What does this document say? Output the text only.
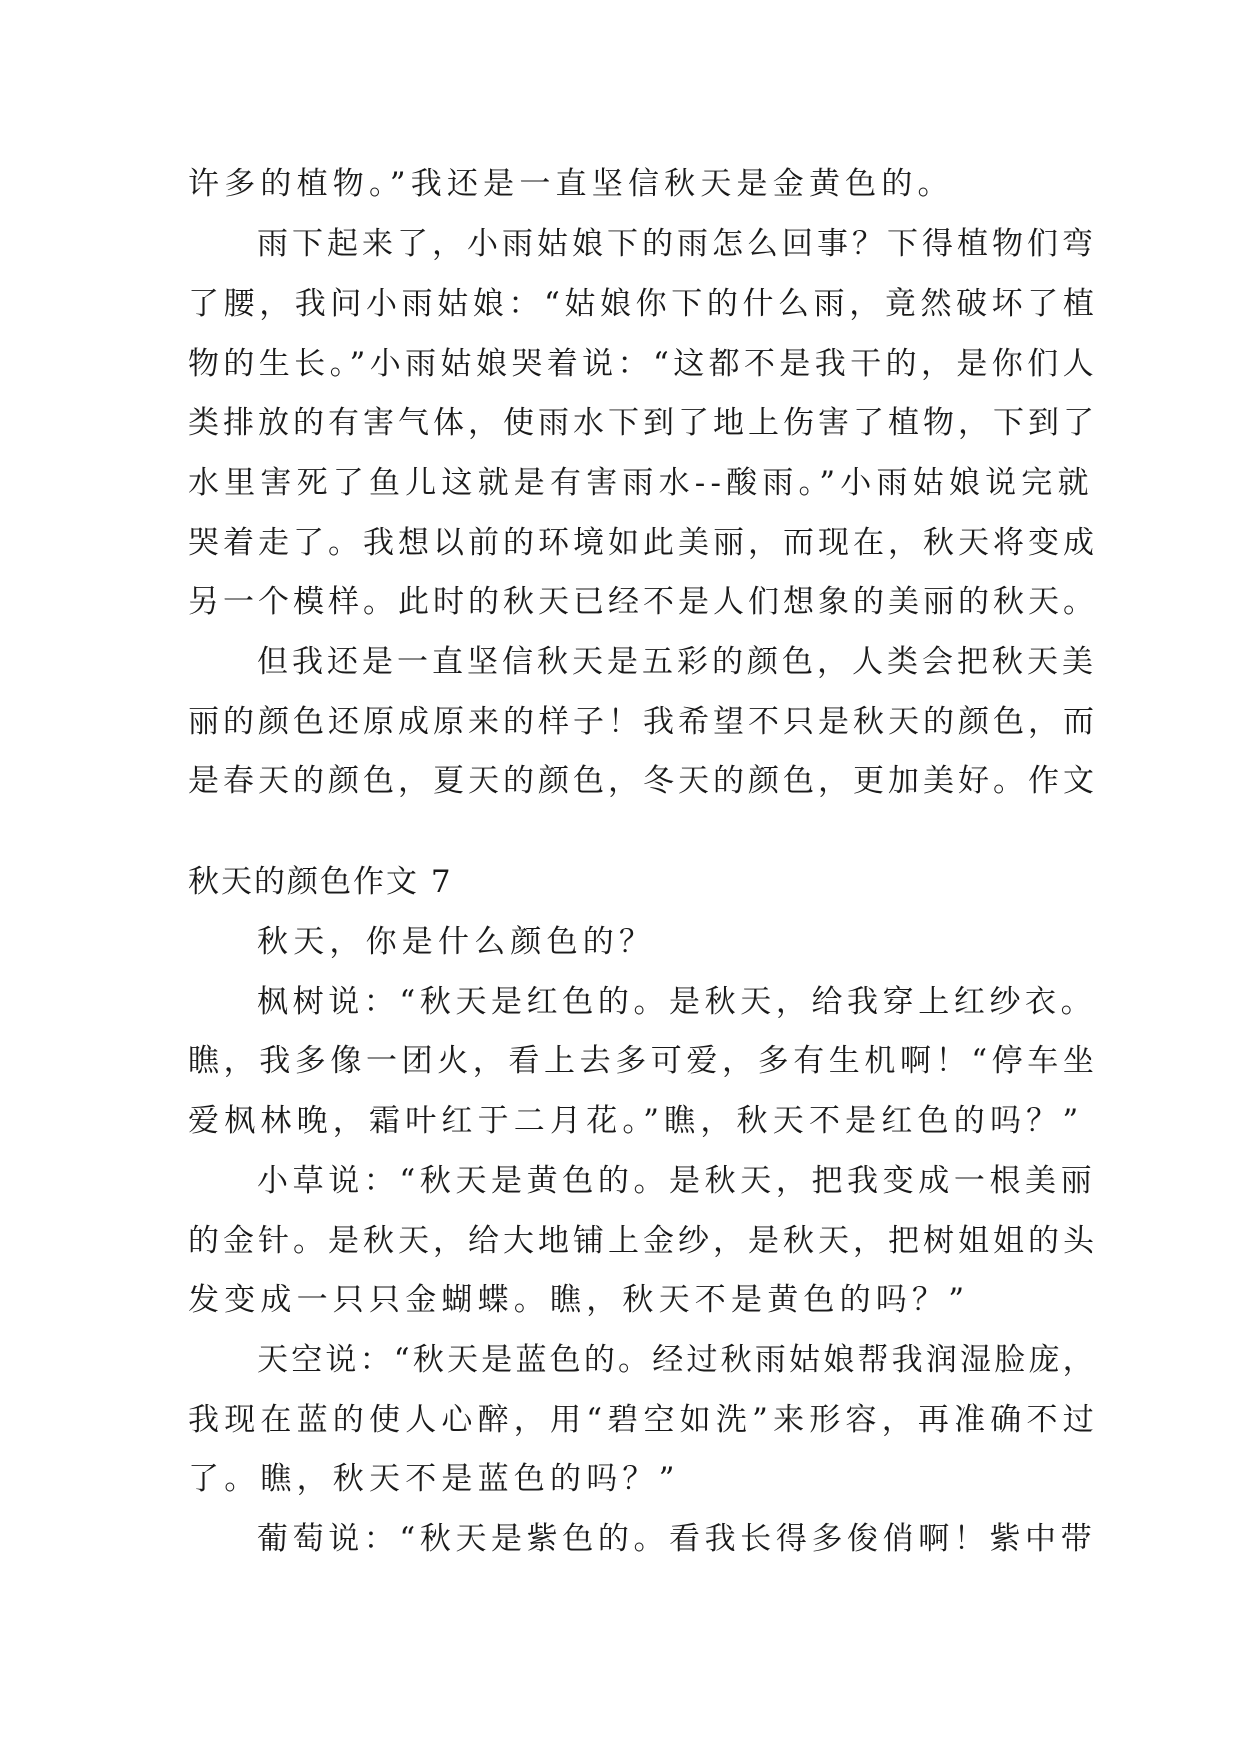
许多的植物。”我还是一直坚信秋天是金黄色的。
雨下起来了，小雨姑娘下的雨怎么回事？下得植物们弯
了腰，我问小雨姑娘：“姑娘你下的什么雨，竟然破坏了植
物的生长。”小雨姑娘哭着说：“这都不是我干的，是你们人
类排放的有害气体，使雨水下到了地上伤害了植物，下到了
水里害死了鱼儿这就是有害雨水--酸雨。”小雨姑娘说完就
哭着走了。我想以前的环境如此美丽，而现在，秋天将变成
另一个模样。此时的秋天已经不是人们想象的美丽的秋天。
但我还是一直坚信秋天是五彩的颜色，人类会把秋天美
丽的颜色还原成原来的样子！我希望不只是秋天的颜色，而
是春天的颜色，夏天的颜色，冬天的颜色，更加美好。作文
秋天的颜色作文 7
秋天，你是什么颜色的？
枫树说：“秋天是红色的。是秋天，给我穿上红纱衣。
瞧，我多像一团火，看上去多可爱，多有生机啊！“停车坐
爱枫林晚，霜叶红于二月花。”瞧，秋天不是红色的吗？”
小草说：“秋天是黄色的。是秋天，把我变成一根美丽
的金针。是秋天，给大地铺上金纱，是秋天，把树姐姐的头
发变成一只只金蝴蝶。瞧，秋天不是黄色的吗？”
天空说：“秋天是蓝色的。经过秋雨姑娘帮我润湿脸庞，
我现在蓝的使人心醉，用“碧空如洗”来形容，再准确不过
了。瞧，秋天不是蓝色的吗？”
葡萄说：“秋天是紫色的。看我长得多俊俏啊！紫中带
